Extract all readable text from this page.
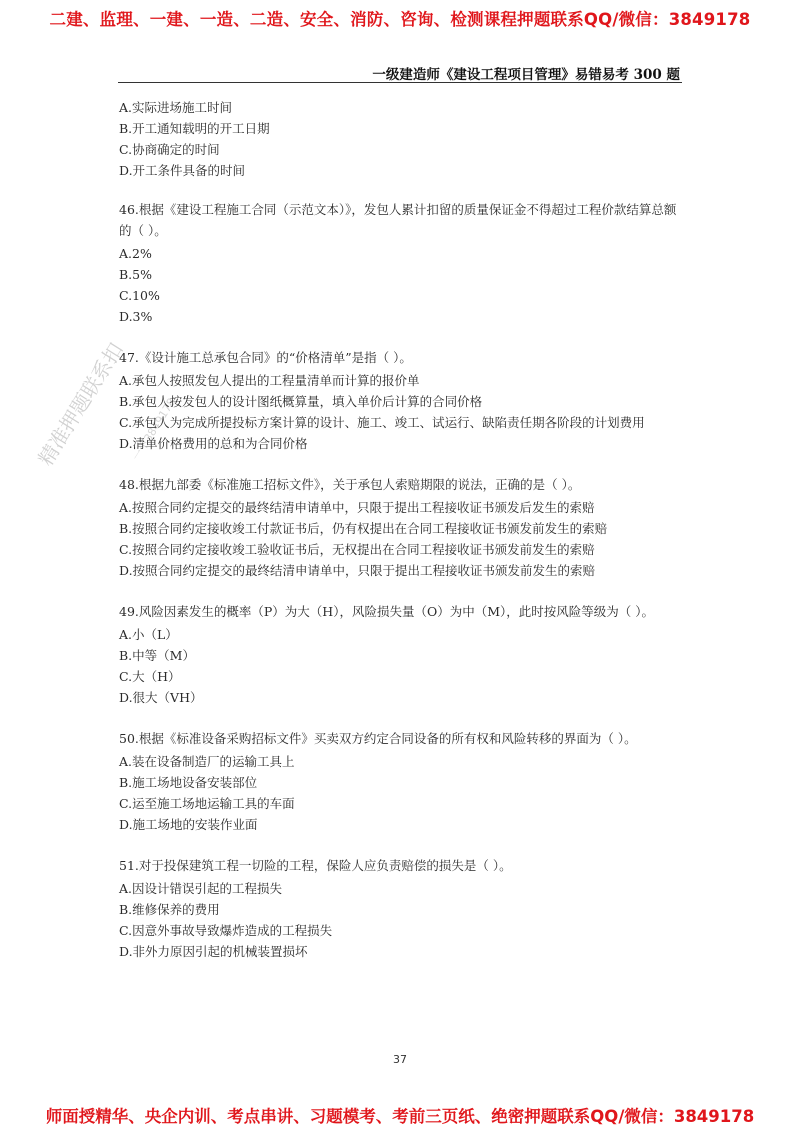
二建、监理、一建、一造、二造、安全、消防、咨询、检测课程押题联系QQ/微信：3849178
一级建造师《建设工程项目管理》易错易考 300 题
精准押题联系扣 一下3849178
A.实际进场施工时间
B.开工通知载明的开工日期
C.协商确定的时间
D.开工条件具备的时间
46.根据《建设工程施工合同（示范文本）》，发包人累计扣留的质量保证金不得超过工程价款结算总额的（ ）。
A.2%
B.5%
C.10%
D.3%
47.《设计施工总承包合同》的“价格清单”是指（ ）。
A.承包人按照发包人提出的工程量清单而计算的报价单
B.承包人按发包人的设计图纸概算量，填入单价后计算的合同价格
C.承包人为完成所提投标方案计算的设计、施工、竣工、试运行、缺陷责任期各阶段的计划费用
D.清单价格费用的总和为合同价格
48.根据九部委《标准施工招标文件》，关于承包人索赔期限的说法，正确的是（ ）。
A.按照合同约定提交的最终结清申请单中，只限于提出工程接收证书颁发后发生的索赔
B.按照合同约定接收竣工付款证书后，仍有权提出在合同工程接收证书颁发前发生的索赔
C.按照合同约定接收竣工验收证书后，无权提出在合同工程接收证书颁发前发生的索赔
D.按照合同约定提交的最终结清申请单中，只限于提出工程接收证书颁发前发生的索赔
49.风险因素发生的概率（P）为大（H），风险损失量（O）为中（M），此时按风险等级为（ ）。
A.小（L）
B.中等（M）
C.大（H）
D.很大（VH）
50.根据《标准设备采购招标文件》买卖双方约定合同设备的所有权和风险转移的界面为（ ）。
A.装在设备制造厂的运输工具上
B.施工场地设备安装部位
C.运至施工场地运输工具的车面
D.施工场地的安装作业面
51.对于投保建筑工程一切险的工程，保险人应负责赔偿的损失是（ ）。
A.因设计错误引起的工程损失
B.维修保养的费用
C.因意外事故导致爆炸造成的工程损失
D.非外力原因引起的机械装置损坏
37
师面授精华、央企内训、考点串讲、习题模考、考前三页纸、绝密押题联系QQ/微信：3849178
